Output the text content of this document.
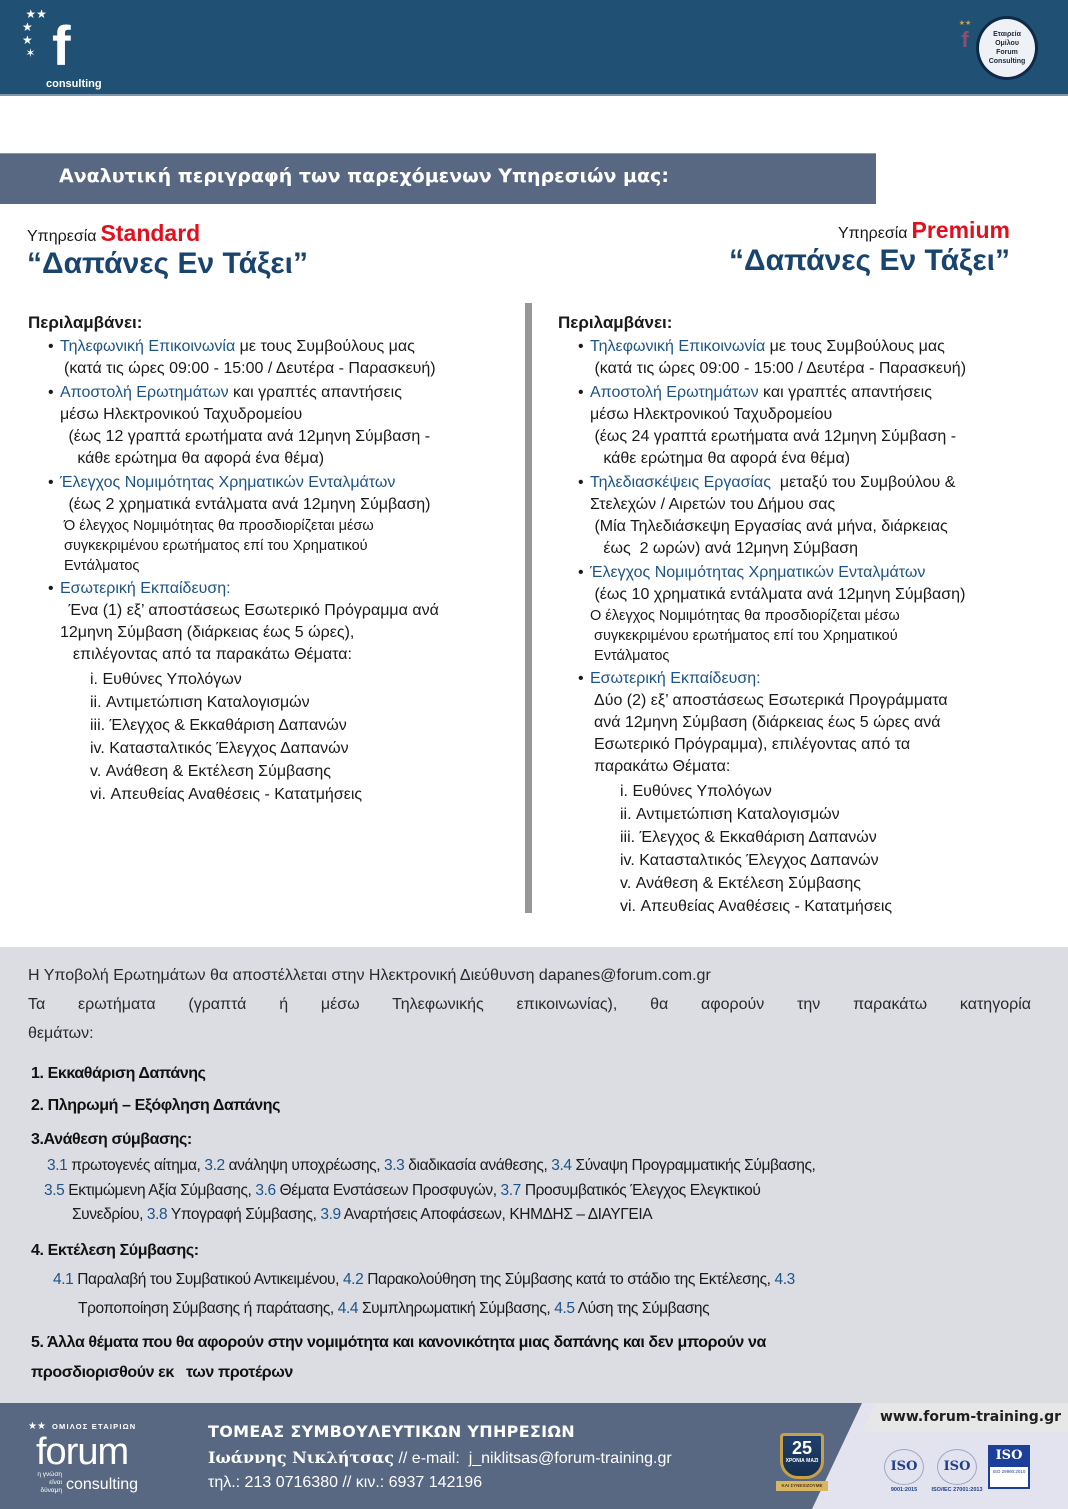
★★
★
★
✶ f
consulting
★★
f	Εταιρεία
Ομίλου
Forum
Consulting
Αναλυτική περιγραφή των παρεχόμενων Υπηρεσιών μας:
Υπηρεσία Standard
“Δαπάνες Εν Τάξει”
Υπηρεσία Premium
“Δαπάνες Εν Τάξει”
Περιλαμβάνει:
• Τηλεφωνική Επικοινωνία με τους Συμβούλους μας
(κατά τις ώρες 09:00 - 15:00 / Δευτέρα - Παρασκευή)
• Αποστολή Ερωτημάτων και γραπτές απαντήσεις
μέσω Ηλεκτρονικού Ταχυδρομείου
(έως 12 γραπτά ερωτήματα ανά 12μηνη Σύμβαση -
κάθε ερώτημα θα αφορά ένα θέμα)
• Έλεγχος Νομιμότητας Χρηματικών Ενταλμάτων
(έως 2 χρηματικά εντάλματα ανά 12μηνη Σύμβαση)
Ό έλεγχος Νομιμότητας θα προσδιορίζεται μέσω
συγκεκριμένου ερωτήματος επί του Χρηματικού
Εντάλματος
• Εσωτερική Εκπαίδευση:
Ένα (1) εξ’ αποστάσεως Εσωτερικό Πρόγραμμα ανά
12μηνη Σύμβαση (διάρκειας έως 5 ώρες),
επιλέγοντας από τα παρακάτω Θέματα:
i. Ευθύνες Υπολόγων
ii. Αντιμετώπιση Καταλογισμών
iii. Έλεγχος & Εκκαθάριση Δαπανών
iv. Κατασταλτικός Έλεγχος Δαπανών
v. Ανάθεση & Εκτέλεση Σύμβασης
vi. Απευθείας Αναθέσεις - Κατατμήσεις
Περιλαμβάνει:
• Τηλεφωνική Επικοινωνία με τους Συμβούλους μας
(κατά τις ώρες 09:00 - 15:00 / Δευτέρα - Παρασκευή)
• Αποστολή Ερωτημάτων και γραπτές απαντήσεις
μέσω Ηλεκτρονικού Ταχυδρομείου
(έως 24 γραπτά ερωτήματα ανά 12μηνη Σύμβαση -
κάθε ερώτημα θα αφορά ένα θέμα)
• Τηλεδιασκέψεις Εργασίας  μεταξύ του Συμβούλου &
Στελεχών / Αιρετών του Δήμου σας
(Μία Τηλεδιάσκεψη Εργασίας ανά μήνα, διάρκειας
έως  2 ωρών) ανά 12μηνη Σύμβαση
• Έλεγχος Νομιμότητας Χρηματικών Ενταλμάτων
(έως 10 χρηματικά εντάλματα ανά 12μηνη Σύμβαση)
Ο έλεγχος Νομιμότητας θα προσδιορίζεται μέσω
συγκεκριμένου ερωτήματος επί του Χρηματικού
Εντάλματος
• Εσωτερική Εκπαίδευση:
Δύο (2) εξ’ αποστάσεως Εσωτερικά Προγράμματα
ανά 12μηνη Σύμβαση (διάρκειας έως 5 ώρες ανά
Εσωτερικό Πρόγραμμα), επιλέγοντας από τα
παρακάτω Θέματα:
i. Ευθύνες Υπολόγων
ii. Αντιμετώπιση Καταλογισμών
iii. Έλεγχος & Εκκαθάριση Δαπανών
iv. Κατασταλτικός Έλεγχος Δαπανών
v. Ανάθεση & Εκτέλεση Σύμβασης
vi. Απευθείας Αναθέσεις - Κατατμήσεις
Η Υποβολή Ερωτημάτων θα αποστέλλεται στην Ηλεκτρονική Διεύθυνση dapanes@forum.com.gr
Τα ερωτήματα (γραπτά ή μέσω Τηλεφωνικής επικοινωνίας), θα αφορούν την παρακάτω κατηγορία
θεμάτων:
1. Εκκαθάριση Δαπάνης
2. Πληρωμή – Εξόφληση Δαπάνης
3.Ανάθεση σύμβασης:
3.1 πρωτογενές αίτημα, 3.2 ανάληψη υποχρέωσης, 3.3 διαδικασία ανάθεσης, 3.4 Σύναψη Προγραμματικής Σύμβασης,
3.5 Εκτιμώμενη Αξία Σύμβασης, 3.6 Θέματα Ενστάσεων Προσφυγών, 3.7 Προσυμβατικός Έλεγχος Ελεγκτικού
Συνεδρίου, 3.8 Υπογραφή Σύμβασης, 3.9 Αναρτήσεις Αποφάσεων, ΚΗΜΔΗΣ – ΔΙΑΥΓΕΙΑ
4. Εκτέλεση Σύμβασης:
4.1 Παραλαβή του Συμβατικού Αντικειμένου, 4.2 Παρακολούθηση της Σύμβασης κατά το στάδιο της Εκτέλεσης, 4.3
Τροποποίηση Σύμβασης ή παράτασης, 4.4 Συμπληρωματική Σύμβασης, 4.5 Λύση της Σύμβασης
5. Άλλα θέματα που θα αφορούν στην νομιμότητα και κανονικότητα μιας δαπάνης και δεν μπορούν να
προσδιορισθούν εκ   των προτέρων
www.forum-training.gr
★★ ΟΜΙΛΟΣ ΕΤΑΙΡΙΩΝ
forum
η γνώση είναι δύναμη consulting
ΤΟΜΕΑΣ ΣΥΜΒΟΥΛΕΥΤΙΚΩΝ ΥΠΗΡΕΣΙΩΝ
Ιωάννης Νικλήτσας // e-mail:  j_niklitsas@forum-training.gr
τηλ.: 213 0716380 // κιν.: 6937 142196
25
ΧΡΟΝΙΑ ΜΑΖΙ
ΚΑΙ ΣΥΝΕΧΙΖΟΥΜΕ
ISO
9001:2015
ISO
ISO/IEC 27001:2013
ISO
ISO 29990:2010
